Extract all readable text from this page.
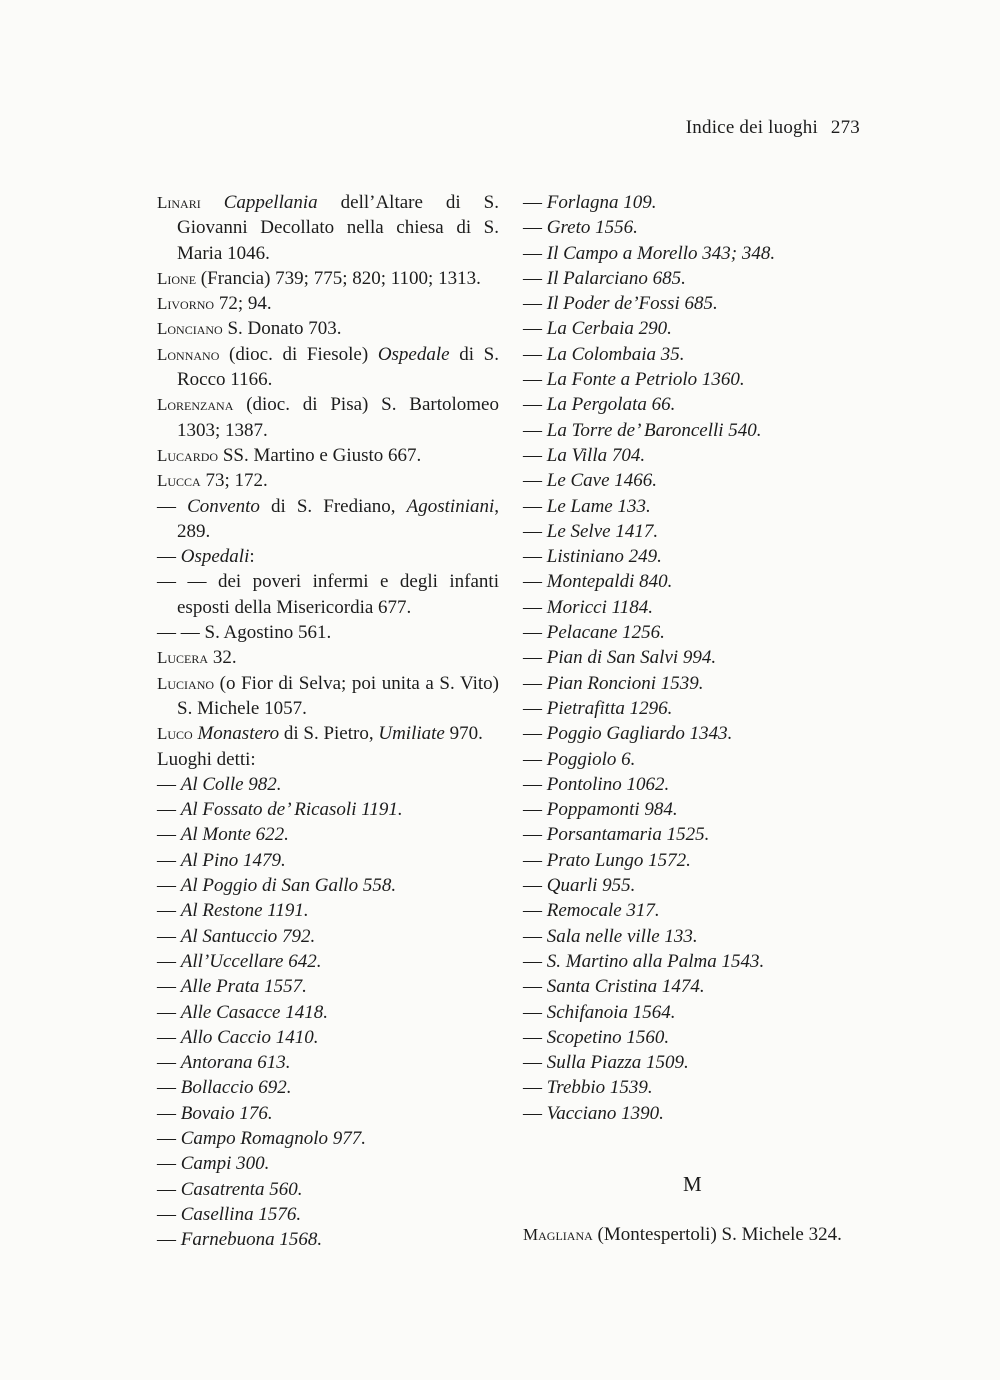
Indice dei luoghi 273
Linari Cappellania dell’Altare di S. Giovanni Decollato nella chiesa di S. Maria 1046.
Lione (Francia) 739; 775; 820; 1100; 1313.
Livorno 72; 94.
Lonciano S. Donato 703.
Lonnano (dioc. di Fiesole) Ospedale di S. Rocco 1166.
Lorenzana (dioc. di Pisa) S. Bartolomeo 1303; 1387.
Lucardo SS. Martino e Giusto 667.
Lucca 73; 172.
— Convento di S. Frediano, Agostiniani, 289.
— Ospedali:
— — dei poveri infermi e degli infanti esposti della Misericordia 677.
— — S. Agostino 561.
Lucera 32.
Luciano (o Fior di Selva; poi unita a S. Vito) S. Michele 1057.
Luco Monastero di S. Pietro, Umiliate 970.
Luoghi detti:
— Al Colle 982.
— Al Fossato de’ Ricasoli 1191.
— Al Monte 622.
— Al Pino 1479.
— Al Poggio di San Gallo 558.
— Al Restone 1191.
— Al Santuccio 792.
— All’Uccellare 642.
— Alle Prata 1557.
— Alle Casacce 1418.
— Allo Caccio 1410.
— Antorana 613.
— Bollaccio 692.
— Bovaio 176.
— Campo Romagnolo 977.
— Campi 300.
— Casatrenta 560.
— Casellina 1576.
— Farnebuona 1568.
— Forlagna 109.
— Greto 1556.
— Il Campo a Morello 343; 348.
— Il Palarciano 685.
— Il Poder de’Fossi 685.
— La Cerbaia 290.
— La Colombaia 35.
— La Fonte a Petriolo 1360.
— La Pergolata 66.
— La Torre de’ Baroncelli 540.
— La Villa 704.
— Le Cave 1466.
— Le Lame 133.
— Le Selve 1417.
— Listiniano 249.
— Montepaldi 840.
— Moricci 1184.
— Pelacane 1256.
— Pian di San Salvi 994.
— Pian Roncioni 1539.
— Pietrafitta 1296.
— Poggio Gagliardo 1343.
— Poggiolo 6.
— Pontolino 1062.
— Poppamonti 984.
— Porsantamaria 1525.
— Prato Lungo 1572.
— Quarli 955.
— Remocale 317.
— Sala nelle ville 133.
— S. Martino alla Palma 1543.
— Santa Cristina 1474.
— Schifanoia 1564.
— Scopetino 1560.
— Sulla Piazza 1509.
— Trebbio 1539.
— Vacciano 1390.
M
Magliana (Montespertoli) S. Michele 324.
